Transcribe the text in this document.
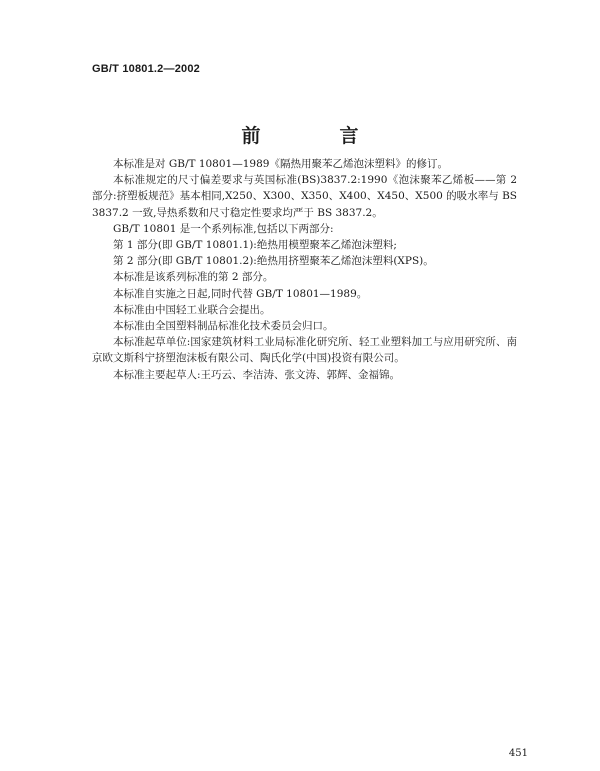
GB/T 10801.2—2002
前　言

本标准是对 GB/T 10801—1989《隔热用聚苯乙烯泡沫塑料》的修订。

本标准规定的尺寸偏差要求与英国标准(BS)3837.2:1990《泡沫聚苯乙烯板——第 2 部分:挤塑板规范》基本相同,X250、X300、X350、X400、X450、X500 的吸水率与 BS 3837.2 一致,导热系数和尺寸稳定性要求均严于 BS 3837.2。

GB/T 10801 是一个系列标准,包括以下两部分:

第 1 部分(即 GB/T 10801.1):绝热用模塑聚苯乙烯泡沫塑料;

第 2 部分(即 GB/T 10801.2):绝热用挤塑聚苯乙烯泡沫塑料(XPS)。

本标准是该系列标准的第 2 部分。

本标准自实施之日起,同时代替 GB/T 10801—1989。

本标准由中国轻工业联合会提出。

本标准由全国塑料制品标准化技术委员会归口。

本标准起草单位:国家建筑材料工业局标准化研究所、轻工业塑料加工与应用研究所、南京欧文斯科宁挤塑泡沫板有限公司、陶氏化学(中国)投资有限公司。

本标准主要起草人:王巧云、李洁涛、张文涛、郭辉、金福锦。

451
